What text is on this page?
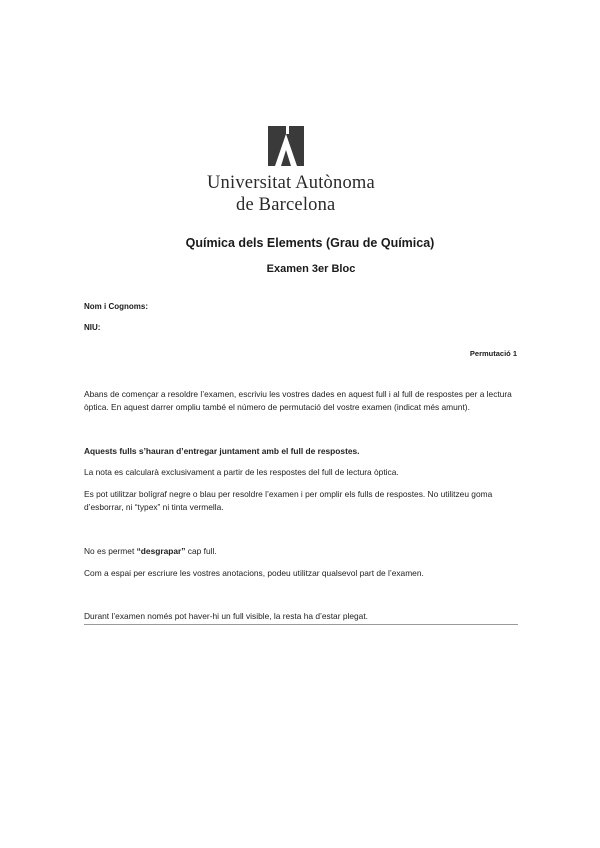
Universitat Autònoma
de Barcelona
Química dels Elements (Grau de Química)
Examen 3er Bloc
Nom i Cognoms:
NIU:
Permutació 1
Abans de començar a resoldre l’examen, escriviu les vostres dades en aquest full i al full de respostes per a lectura òptica. En aquest darrer ompliu també el número de permutació del vostre examen (indicat més amunt).
Aquests fulls s’hauran d’entregar juntament amb el full de respostes.
La nota es calcularà exclusivament a partir de les respostes del full de lectura òptica.
Es pot utilitzar bolígraf negre o blau per resoldre l’examen i per omplir els fulls de respostes. No utilitzeu goma d’esborrar, ni “typex” ni tinta vermella.
No es permet “desgrapar” cap full.
Com a espai per escriure les vostres anotacions, podeu utilitzar qualsevol part de l’examen.
Durant l’examen només pot haver-hi un full visible, la resta ha d’estar plegat.
